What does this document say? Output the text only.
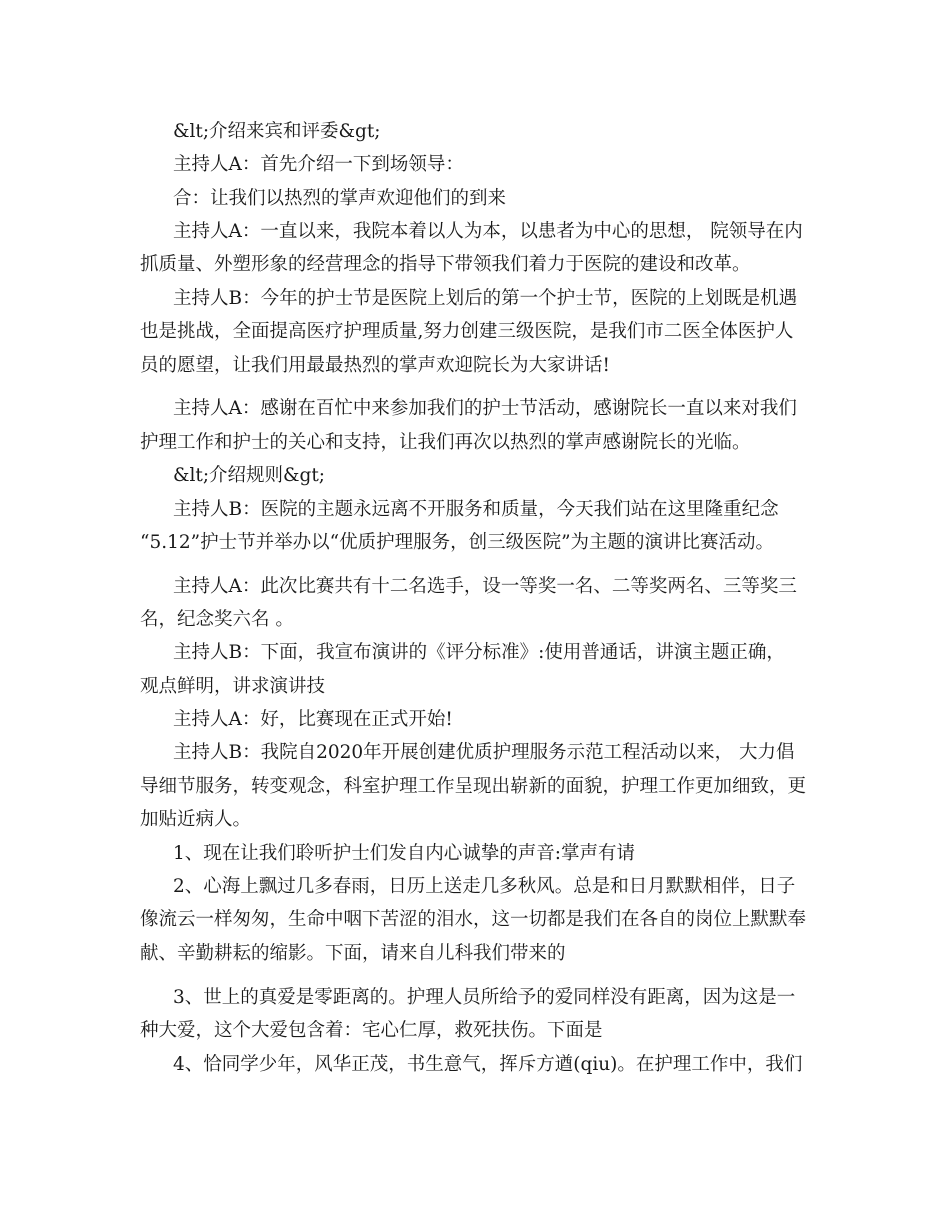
&lt;介绍来宾和评委&gt;

主持人A：首先介绍一下到场领导：

合：让我们以热烈的掌声欢迎他们的到来

主持人A：一直以来，我院本着以人为本，以患者为中心的思想， 院领导在内

抓质量、外塑形象的经营理念的指导下带领我们着力于医院的建设和改革。

主持人B：今年的护士节是医院上划后的第一个护士节，医院的上划既是机遇

也是挑战，全面提高医疗护理质量,努力创建三级医院，是我们市二医全体医护人

员的愿望，让我们用最最热烈的掌声欢迎院长为大家讲话!

主持人A：感谢在百忙中来参加我们的护士节活动，感谢院长一直以来对我们

护理工作和护士的关心和支持，让我们再次以热烈的掌声感谢院长的光临。

&lt;介绍规则&gt;

主持人B：医院的主题永远离不开服务和质量，今天我们站在这里隆重纪念

“5.12”护士节并举办以“优质护理服务，创三级医院”为主题的演讲比赛活动。

主持人A：此次比赛共有十二名选手，设一等奖一名、二等奖两名、三等奖三

名，纪念奖六名 。

主持人B：下面，我宣布演讲的《评分标准》:使用普通话，讲演主题正确，

观点鲜明，讲求演讲技

主持人A：好，比赛现在正式开始!

主持人B：我院自2020年开展创建优质护理服务示范工程活动以来， 大力倡

导细节服务，转变观念，科室护理工作呈现出崭新的面貌，护理工作更加细致，更

加贴近病人。

1、现在让我们聆听护士们发自内心诚挚的声音:掌声有请

2、心海上飘过几多春雨，日历上送走几多秋风。总是和日月默默相伴，日子

像流云一样匆匆，生命中咽下苦涩的泪水，这一切都是我们在各自的岗位上默默奉

献、辛勤耕耘的缩影。下面，请来自儿科我们带来的

3、世上的真爱是零距离的。护理人员所给予的爱同样没有距离，因为这是一

种大爱，这个大爱包含着：宅心仁厚，救死扶伤。下面是

4、恰同学少年，风华正茂，书生意气，挥斥方遒(qiu)。在护理工作中，我们
